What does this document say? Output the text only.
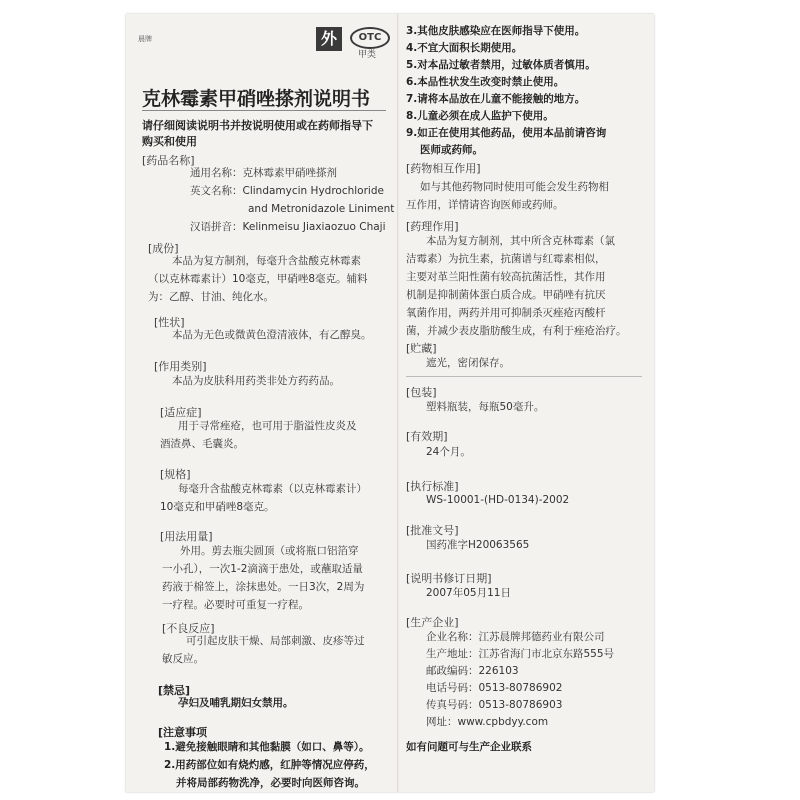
晨牌	外	OTC
甲类
克林霉素甲硝唑搽剂说明书
请仔细阅读说明书并按说明使用或在药师指导下
购买和使用
[ 药品名称 ]
通用名称：克林霉素甲硝唑搽剂
英文名称：Clindamycin Hydrochloride
and Metronidazole Liniment
汉语拼音：Kelinmeisu Jiaxiaozuo Chaji
[ 成份 ]
本品为复方制剂，每毫升含盐酸克林霉素
（以克林霉素计）10毫克，甲硝唑8毫克。辅料
为：乙醇、甘油、纯化水。
[ 性状 ]
本品为无色或微黄色澄清液体，有乙醇臭。
[ 作用类别 ]
本品为皮肤科用药类非处方药药品。
[ 适应症 ]
用于寻常痤疮，也可用于脂溢性皮炎及
酒渣鼻、毛囊炎。
[ 规格 ]
每毫升含盐酸克林霉素（以克林霉素计）
10毫克和甲硝唑8毫克。
[ 用法用量 ]
外用。剪去瓶尖圆顶（或将瓶口铝箔穿
一小孔），一次1-2滴滴于患处，或蘸取适量
药液于棉签上，涂抹患处。一日3次，2周为
一疗程。必要时可重复一疗程。
[ 不良反应 ]
可引起皮肤干燥、局部刺激、皮疹等过
敏反应。
[ 禁忌 ]
孕妇及哺乳期妇女禁用。
[ 注意事项
1.避免接触眼睛和其他黏膜（如口、鼻等）。
2.用药部位如有烧灼感，红肿等情况应停药，
并将局部药物洗净，必要时向医师咨询。
3.其他皮肤感染应在医师指导下使用。
4.不宜大面积长期使用。
5.对本品过敏者禁用，过敏体质者慎用。
6.本品性状发生改变时禁止使用。
7.请将本品放在儿童不能接触的地方。
8.儿童必须在成人监护下使用。
9.如正在使用其他药品，使用本品前请咨询
医师或药师。
[ 药物相互作用 ]
如与其他药物同时使用可能会发生药物相
互作用，详情请咨询医师或药师。
[ 药理作用 ]
本品为复方制剂，其中所含克林霉素（氯
洁霉素）为抗生素，抗菌谱与红霉素相似，
主要对革兰阳性菌有较高抗菌活性，其作用
机制是抑制菌体蛋白质合成。甲硝唑有抗厌
氧菌作用，两药并用可抑制杀灭痤疮丙酸杆
菌，并减少表皮脂肪酸生成，有利于痤疮治疗。
[ 贮藏 ]
遮光，密闭保存。
[ 包装 ]
塑料瓶装，每瓶50毫升。
[ 有效期 ]
24个月。
[ 执行标准 ]
WS-10001-(HD-0134)-2002
[ 批准文号 ]
国药准字H20063565
[ 说明书修订日期 ]
2007年05月11日
[ 生产企业 ]
企业名称：江苏晨牌邦德药业有限公司
生产地址：江苏省海门市北京东路555号
邮政编码：226103
电话号码：0513-80786902
传真号码：0513-80786903
网址：www.cpbdyy.com
如有问题可与生产企业联系
